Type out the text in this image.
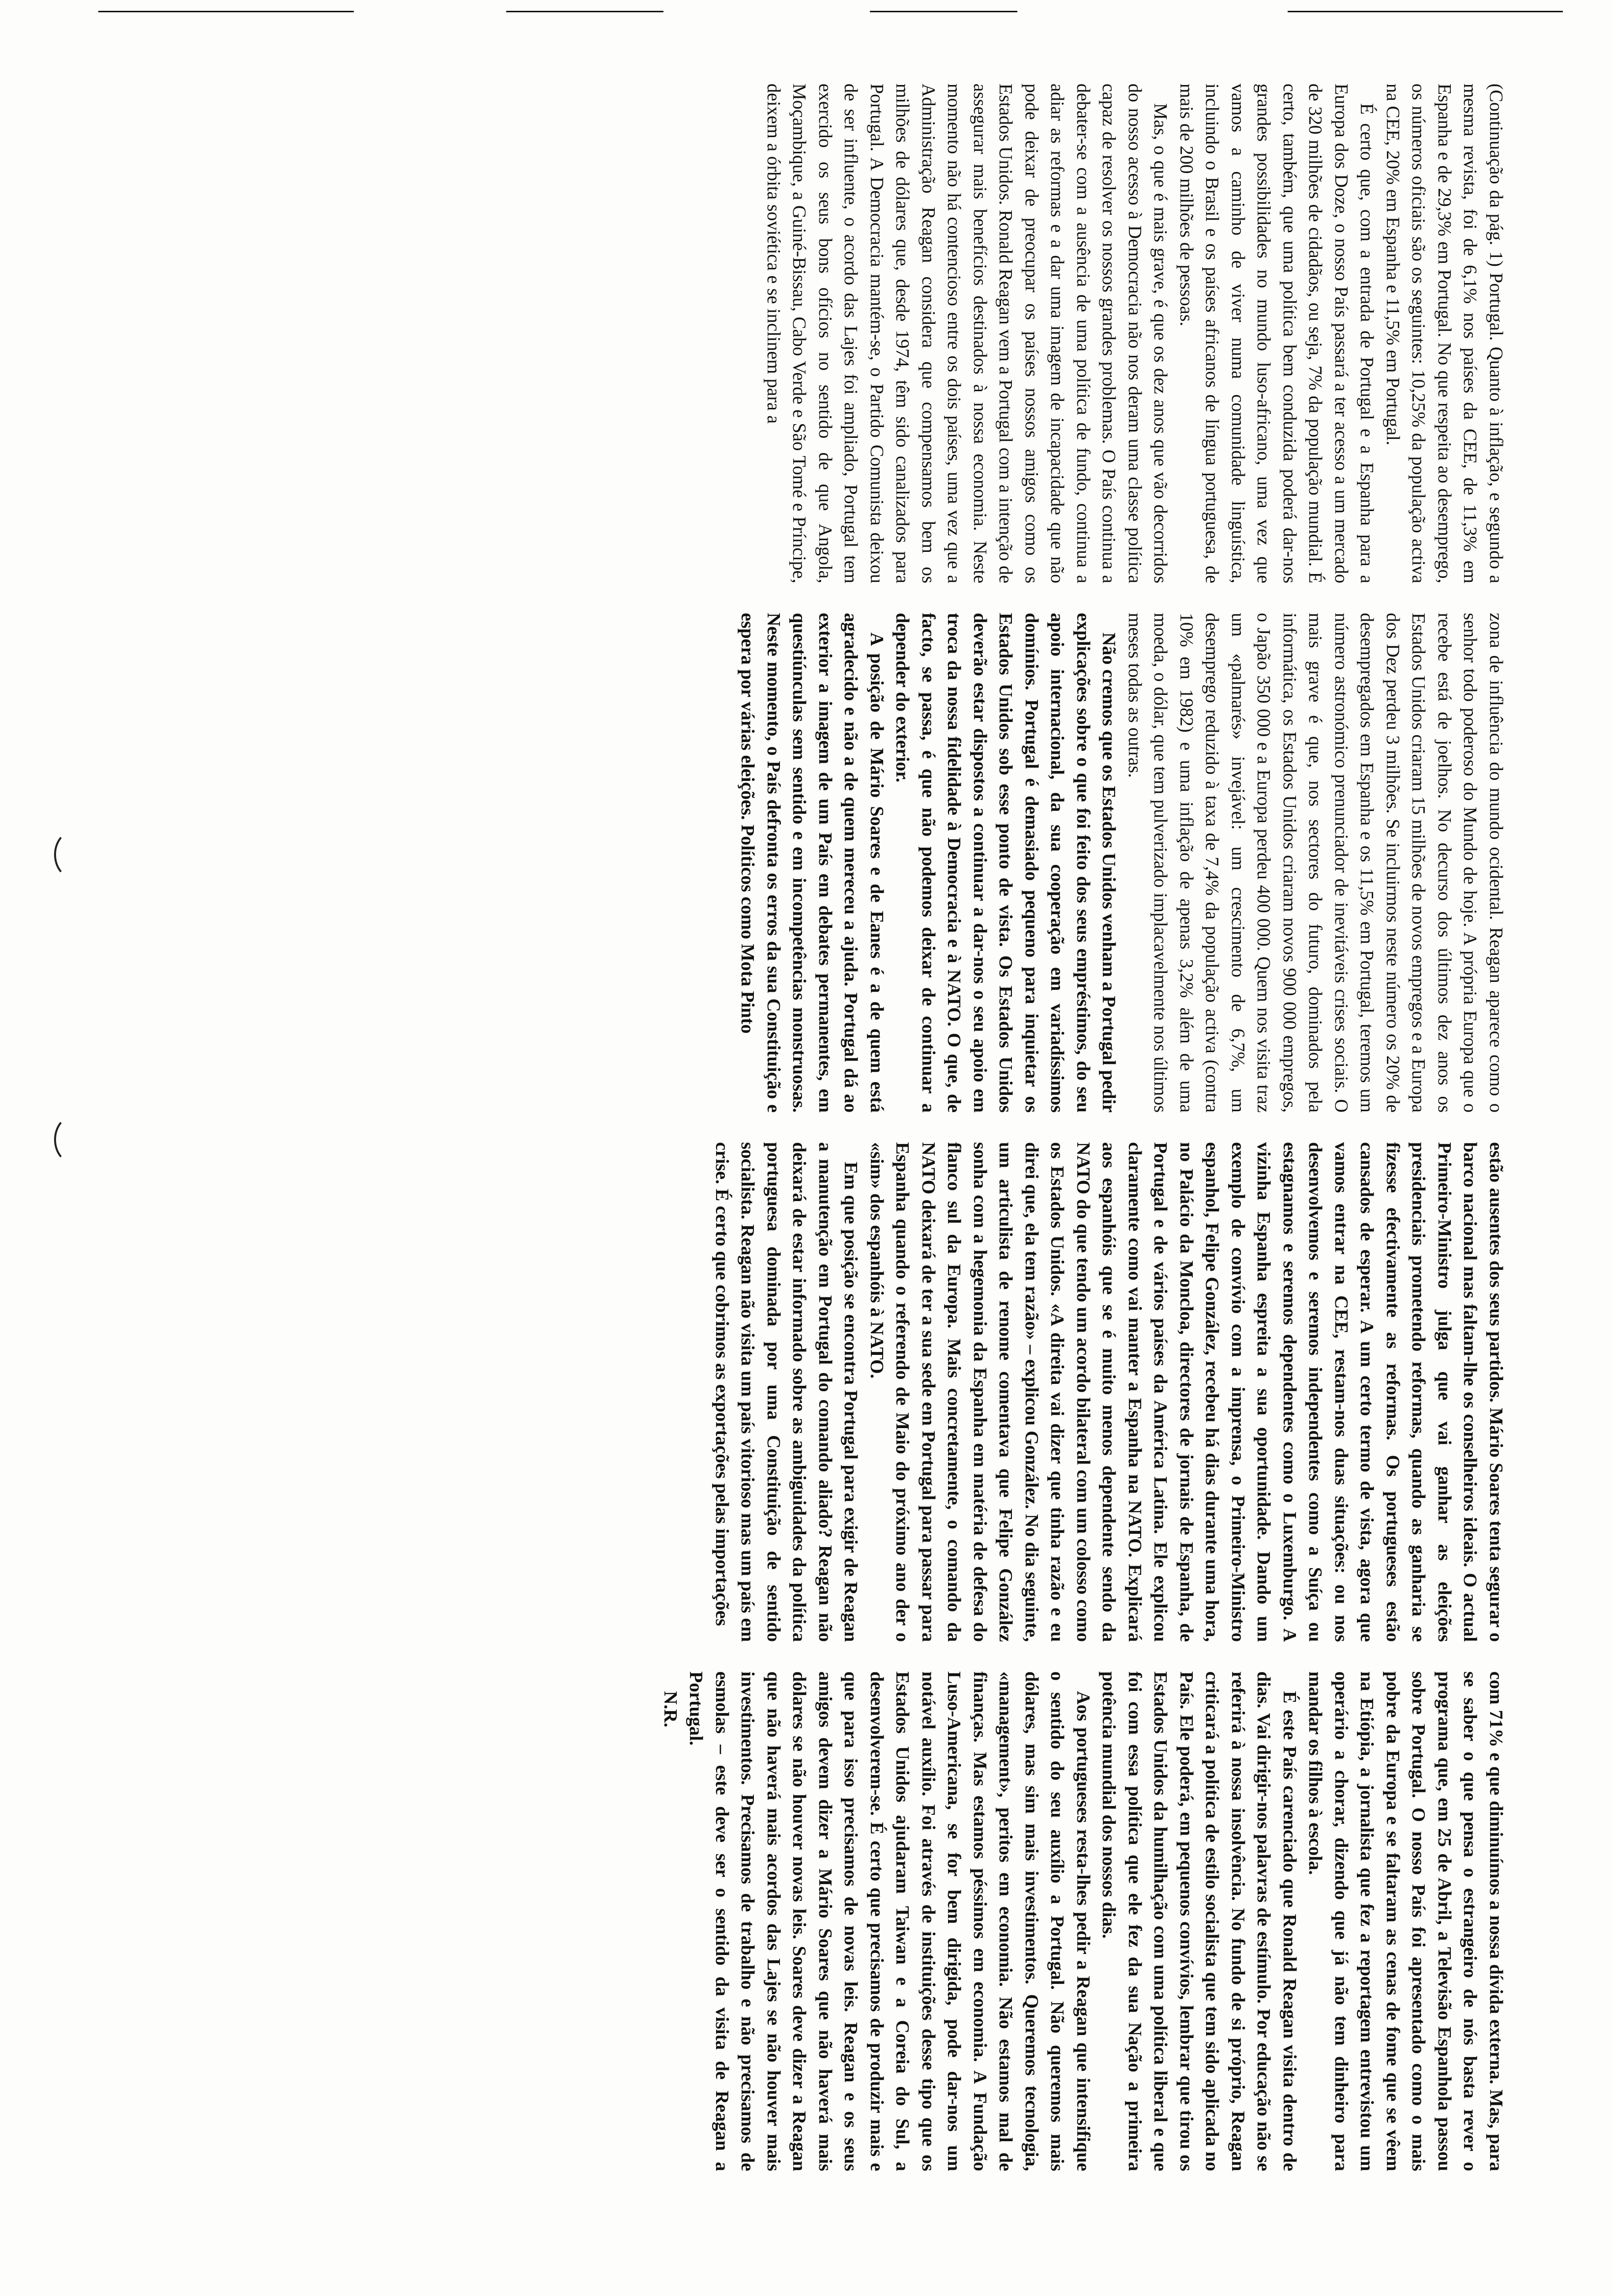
(Continuação da pág. 1) Portugal. Quanto à inflação, e segundo a mesma revista, foi de 6,1% nos países da CEE, de 11,3% em Espanha e de 29,3% em Portugal. No que respeita ao desemprego, os números oficiais são os seguintes: 10,25% da população activa na CEE, 20% em Espanha e 11,5% em Portugal.

É certo que, com a entrada de Portugal e a Espanha para a Europa dos Doze, o nosso País passará a ter acesso a um mercado de 320 milhões de cidadãos, ou seja, 7% da população mundial. É certo, também, que uma política bem conduzida poderá dar-nos grandes possibilidades no mundo luso-africano, uma vez que vamos a caminho de viver numa comunidade linguística, incluindo o Brasil e os países africanos de língua portuguesa, de mais de 200 milhões de pessoas.

Mas, o que é mais grave, é que os dez anos que vão decorridos do nosso acesso à Democracia não nos deram uma classe política capaz de resolver os nossos grandes problemas. O País continua a debater-se com a ausência de uma política de fundo, continua a adiar as reformas e a dar uma imagem de incapacidade que não pode deixar de preocupar os países nossos amigos como os Estados Unidos. Ronald Reagan vem a Portugal com a intenção de assegurar mais benefícios destinados à nossa economia. Neste momento não há contencioso entre os dois países, uma vez que a Administração Reagan considera que compensamos bem os milhões de dólares que, desde 1974, têm sido canalizados para Portugal. A Democracia mantém-se, o Partido Comunista deixou de ser influente, o acordo das Lajes foi ampliado, Portugal tem exercido os seus bons ofícios no sentido de que Angola, Moçambique, a Guiné-Bissau, Cabo Verde e São Tomé e Príncipe, deixem a órbita soviética e se inclinem para a

zona de influência do mundo ocidental. Reagan aparece como o senhor todo poderoso do Mundo de hoje. A própria Europa que o recebe está de joelhos. No decurso dos últimos dez anos os Estados Unidos criaram 15 milhões de novos empregos e a Europa dos Dez perdeu 3 milhões. Se incluirmos neste número os 20% de desempregados em Espanha e os 11,5% em Portugal, teremos um número astronómico prenunciador de inevitáveis crises sociais. O mais grave é que, nos sectores do futuro, dominados pela informática, os Estados Unidos criaram novos 900 000 empregos, o Japão 350 000 e a Europa perdeu 400 000. Quem nos visita traz um «palmarés» invejável: um crescimento de 6,7%, um desemprego reduzido à taxa de 7,4% da população activa (contra 10% em 1982) e uma inflação de apenas 3,2% além de uma moeda, o dólar, que tem pulverizado implacavelmente nos últimos meses todas as outras.

Não cremos que os Estados Unidos venham a Portugal pedir explicações sobre o que foi feito dos seus empréstimos, do seu apoio internacional, da sua cooperação em variadíssimos domínios. Portugal é demasiado pequeno para inquietar os Estados Unidos sob esse ponto de vista. Os Estados Unidos deverão estar dispostos a continuar a dar-nos o seu apoio em troca da nossa fidelidade à Democracia e à NATO. O que, de facto, se passa, é que não podemos deixar de continuar a depender do exterior.

A posição de Mário Soares e de Eanes é a de quem está agradecido e não a de quem mereceu a ajuda. Portugal dá ao exterior a imagem de um País em debates permanentes, em questiúnculas sem sentido e em incompetências monstruosas. Neste momento, o País defronta os erros da sua Constituição e espera por várias eleições. Políticos como Mota Pinto

estão ausentes dos seus partidos. Mário Soares tenta segurar o barco nacional mas faltam-lhe os conselheiros ideais. O actual Primeiro-Ministro julga que vai ganhar as eleições presidenciais prometendo reformas, quando as ganharia se fizesse efectivamente as reformas. Os portugueses estão cansados de esperar. A um certo termo de vista, agora que vamos entrar na CEE, restam-nos duas situações: ou nos desenvolvemos e seremos independentes como a Suíça ou estagnamos e seremos dependentes como o Luxemburgo. A vizinha Espanha espreita a sua oportunidade. Dando um exemplo de convívio com a imprensa, o Primeiro-Ministro espanhol, Felipe González, recebeu há dias durante uma hora, no Palácio da Moncloa, directores de jornais de Espanha, de Portugal e de vários países da América Latina. Ele explicou claramente como vai manter a Espanha na NATO. Explicará aos espanhóis que se é muito menos dependente sendo da NATO do que tendo um acordo bilateral com um colosso como os Estados Unidos. «A direita vai dizer que tinha razão e eu direi que, ela tem razão» – explicou González. No dia seguinte, um articulista de renome comentava que Felipe González sonha com a hegemonia da Espanha em matéria de defesa do flanco sul da Europa. Mais concretamente, o comando da NATO deixará de ter a sua sede em Portugal para passar para Espanha quando o referendo de Maio do próximo ano der o «sim» dos espanhóis à NATO.

Em que posição se encontra Portugal para exigir de Reagan a manutenção em Portugal do comando aliado? Reagan não deixará de estar informado sobre as ambiguidades da política portuguesa dominada por uma Constituição de sentido socialista. Reagan não visita um país vitorioso mas um país em crise. É certo que cobrimos as exportações pelas importações

com 71% e que diminuímos a nossa dívida externa. Mas, para se saber o que pensa o estrangeiro de nós basta rever o programa que, em 25 de Abril, a Televisão Espanhola passou sobre Portugal. O nosso País foi apresentado como o mais pobre da Europa e se faltaram as cenas de fome que se vêem na Etiópia, a jornalista que fez a reportagem entrevistou um operário a chorar, dizendo que já não tem dinheiro para mandar os filhos à escola.

É este País carenciado que Ronald Reagan visita dentro de dias. Vai dirigir-nos palavras de estímulo. Por educação não se referirá à nossa insolvência. No fundo de si próprio, Reagan criticará a política de estilo socialista que tem sido aplicada no País. Ele poderá, em pequenos convívios, lembrar que tirou os Estados Unidos da humilhação com uma política liberal e que foi com essa política que ele fez da sua Nação a primeira potência mundial dos nossos dias.

Aos portugueses resta-lhes pedir a Reagan que intensifique o sentido do seu auxílio a Portugal. Não queremos mais dólares, mas sim mais investimentos. Queremos tecnologia, «management», peritos em economia. Não estamos mal de finanças. Mas estamos péssimos em economia. A Fundação Luso-Americana, se for bem dirigida, pode dar-nos um notável auxílio. Foi através de instituições desse tipo que os Estados Unidos ajudaram Taiwan e a Coreia do Sul, a desenvolverem-se. É certo que precisamos de produzir mais e que para isso precisamos de novas leis. Reagan e os seus amigos devem dizer a Mário Soares que não haverá mais dólares se não houver novas leis. Soares deve dizer a Reagan que não haverá mais acordos das Lajes se não houver mais investimentos. Precisamos de trabalho e não precisamos de esmolas – este deve ser o sentido da visita de Reagan a Portugal.

N.R.
